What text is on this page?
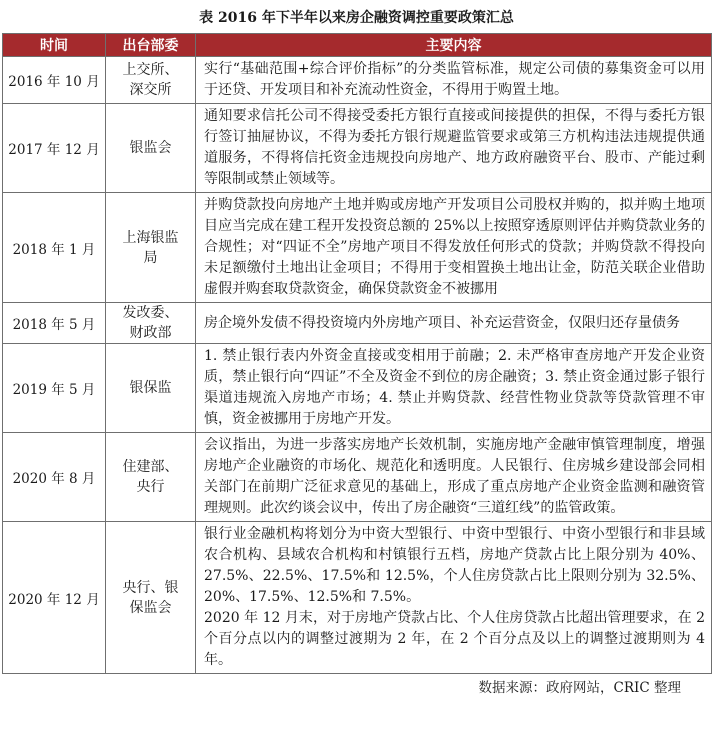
表 2016 年下半年以来房企融资调控重要政策汇总
时间	出台部委	主要内容
2016 年 10 月	上交所、深交所	实行“基础范围+综合评价指标”的分类监管标准，规定公司债的募集资金可以用于还贷、开发项目和补充流动性资金，不得用于购置土地。

2017 年 12 月	银监会	通知要求信托公司不得接受委托方银行直接或间接提供的担保，不得与委托方银行签订抽屉协议，不得为委托方银行规避监管要求或第三方机构违法违规提供通道服务，不得将信托资金违规投向房地产、地方政府融资平台、股市、产能过剩等限制或禁止领域等。

2018 年 1 月	上海银监局	并购贷款投向房地产土地并购或房地产开发项目公司股权并购的，拟并购土地项目应当完成在建工程开发投资总额的 25%以上按照穿透原则评估并购贷款业务的合规性；对“四证不全”房地产项目不得发放任何形式的贷款；并购贷款不得投向未足额缴付土地出让金项目；不得用于变相置换土地出让金，防范关联企业借助虚假并购套取贷款资金，确保贷款资金不被挪用

2018 年 5 月	发改委、财政部	房企境外发债不得投资境内外房地产项目、补充运营资金，仅限归还存量债务

2019 年 5 月	银保监	1. 禁止银行表内外资金直接或变相用于前融；2. 未严格审查房地产开发企业资质，禁止银行向“四证”不全及资金不到位的房企融资；3. 禁止资金通过影子银行渠道违规流入房地产市场；4. 禁止并购贷款、经营性物业贷款等贷款管理不审慎，资金被挪用于房地产开发。

2020 年 8 月	住建部、央行	会议指出，为进一步落实房地产长效机制，实施房地产金融审慎管理制度，增强房地产企业融资的市场化、规范化和透明度。人民银行、住房城乡建设部会同相关部门在前期广泛征求意见的基础上，形成了重点房地产企业资金监测和融资管理规则。此次约谈会议中，传出了房企融资“三道红线”的监管政策。

2020 年 12 月	央行、银保监会	银行业金融机构将划分为中资大型银行、中资中型银行、中资小型银行和非县域农合机构、县域农合机构和村镇银行五档，房地产贷款占比上限分别为 40%、27.5%、22.5%、17.5%和 12.5%，个人住房贷款占比上限则分别为 32.5%、20%、17.5%、12.5%和 7.5%。
2020 年 12 月末，对于房地产贷款占比、个人住房贷款占比超出管理要求，在 2 个百分点以内的调整过渡期为 2 年，在 2 个百分点及以上的调整过渡期则为 4 年。
数据来源：政府网站，CRIC 整理
